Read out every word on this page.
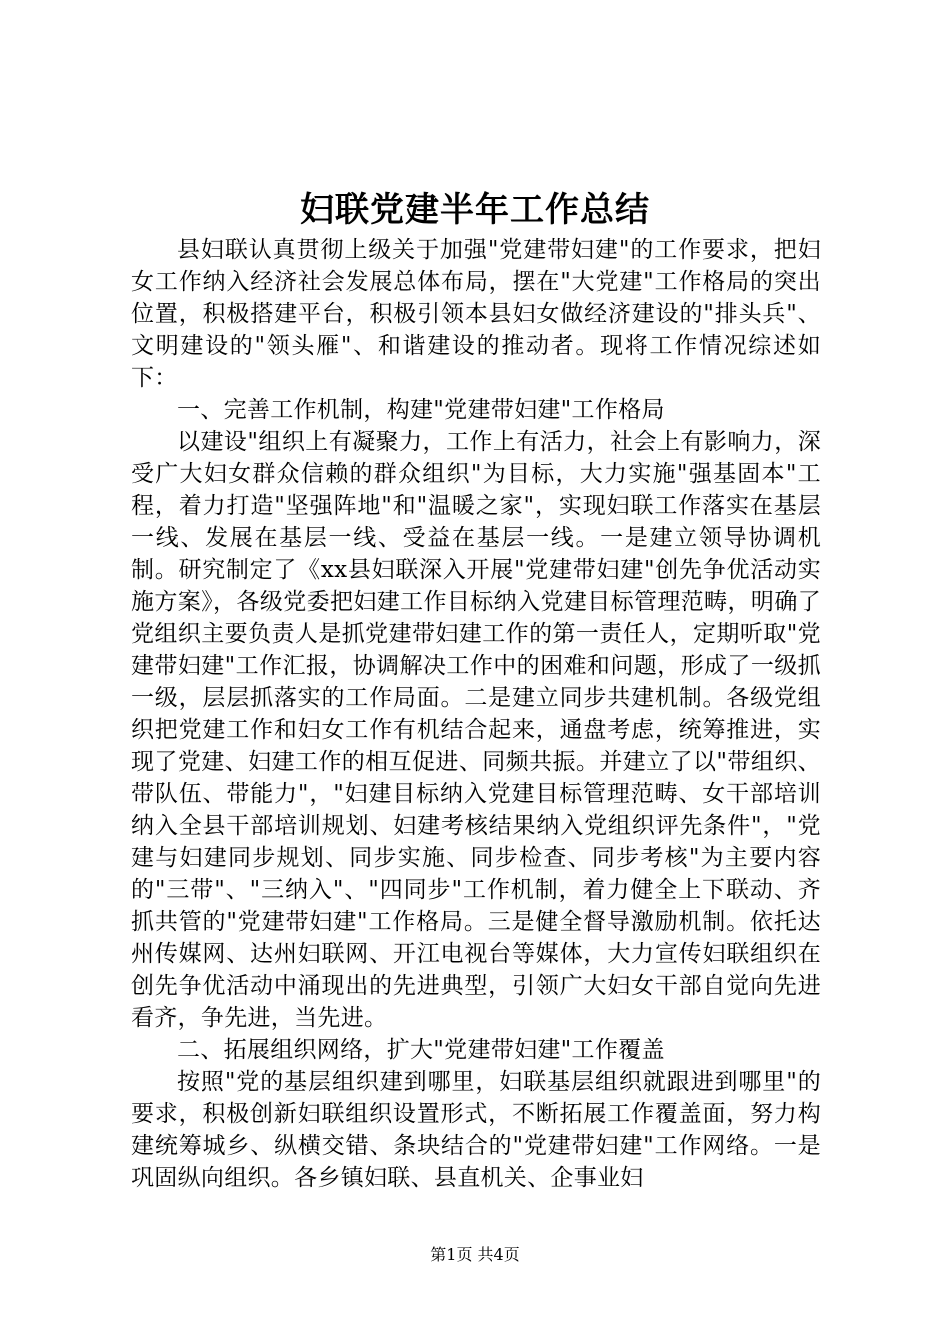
妇联党建半年工作总结

县妇联认真贯彻上级关于加强"党建带妇建"的工作要求，把妇女工作纳入经济社会发展总体布局，摆在"大党建"工作格局的突出位置，积极搭建平台，积极引领本县妇女做经济建设的"排头兵"、文明建设的"领头雁"、和谐建设的推动者。现将工作情况综述如下：

一、完善工作机制，构建"党建带妇建"工作格局

以建设"组织上有凝聚力，工作上有活力，社会上有影响力，深受广大妇女群众信赖的群众组织"为目标，大力实施"强基固本"工程，着力打造"坚强阵地"和"温暖之家"，实现妇联工作落实在基层一线、发展在基层一线、受益在基层一线。一是建立领导协调机制。研究制定了《xx县妇联深入开展"党建带妇建"创先争优活动实施方案》，各级党委把妇建工作目标纳入党建目标管理范畴，明确了党组织主要负责人是抓党建带妇建工作的第一责任人，定期听取"党建带妇建"工作汇报，协调解决工作中的困难和问题，形成了一级抓一级，层层抓落实的工作局面。二是建立同步共建机制。各级党组织把党建工作和妇女工作有机结合起来，通盘考虑，统筹推进，实现了党建、妇建工作的相互促进、同频共振。并建立了以"带组织、带队伍、带能力"，"妇建目标纳入党建目标管理范畴、女干部培训纳入全县干部培训规划、妇建考核结果纳入党组织评先条件"，"党建与妇建同步规划、同步实施、同步检查、同步考核"为主要内容的"三带"、"三纳入"、"四同步"工作机制，着力健全上下联动、齐抓共管的"党建带妇建"工作格局。三是健全督导激励机制。依托达州传媒网、达州妇联网、开江电视台等媒体，大力宣传妇联组织在创先争优活动中涌现出的先进典型，引领广大妇女干部自觉向先进看齐，争先进，当先进。

二、拓展组织网络，扩大"党建带妇建"工作覆盖

按照"党的基层组织建到哪里，妇联基层组织就跟进到哪里"的要求，积极创新妇联组织设置形式，不断拓展工作覆盖面，努力构建统筹城乡、纵横交错、条块结合的"党建带妇建"工作网络。一是巩固纵向组织。各乡镇妇联、县直机关、企事业妇

第1页 共4页
